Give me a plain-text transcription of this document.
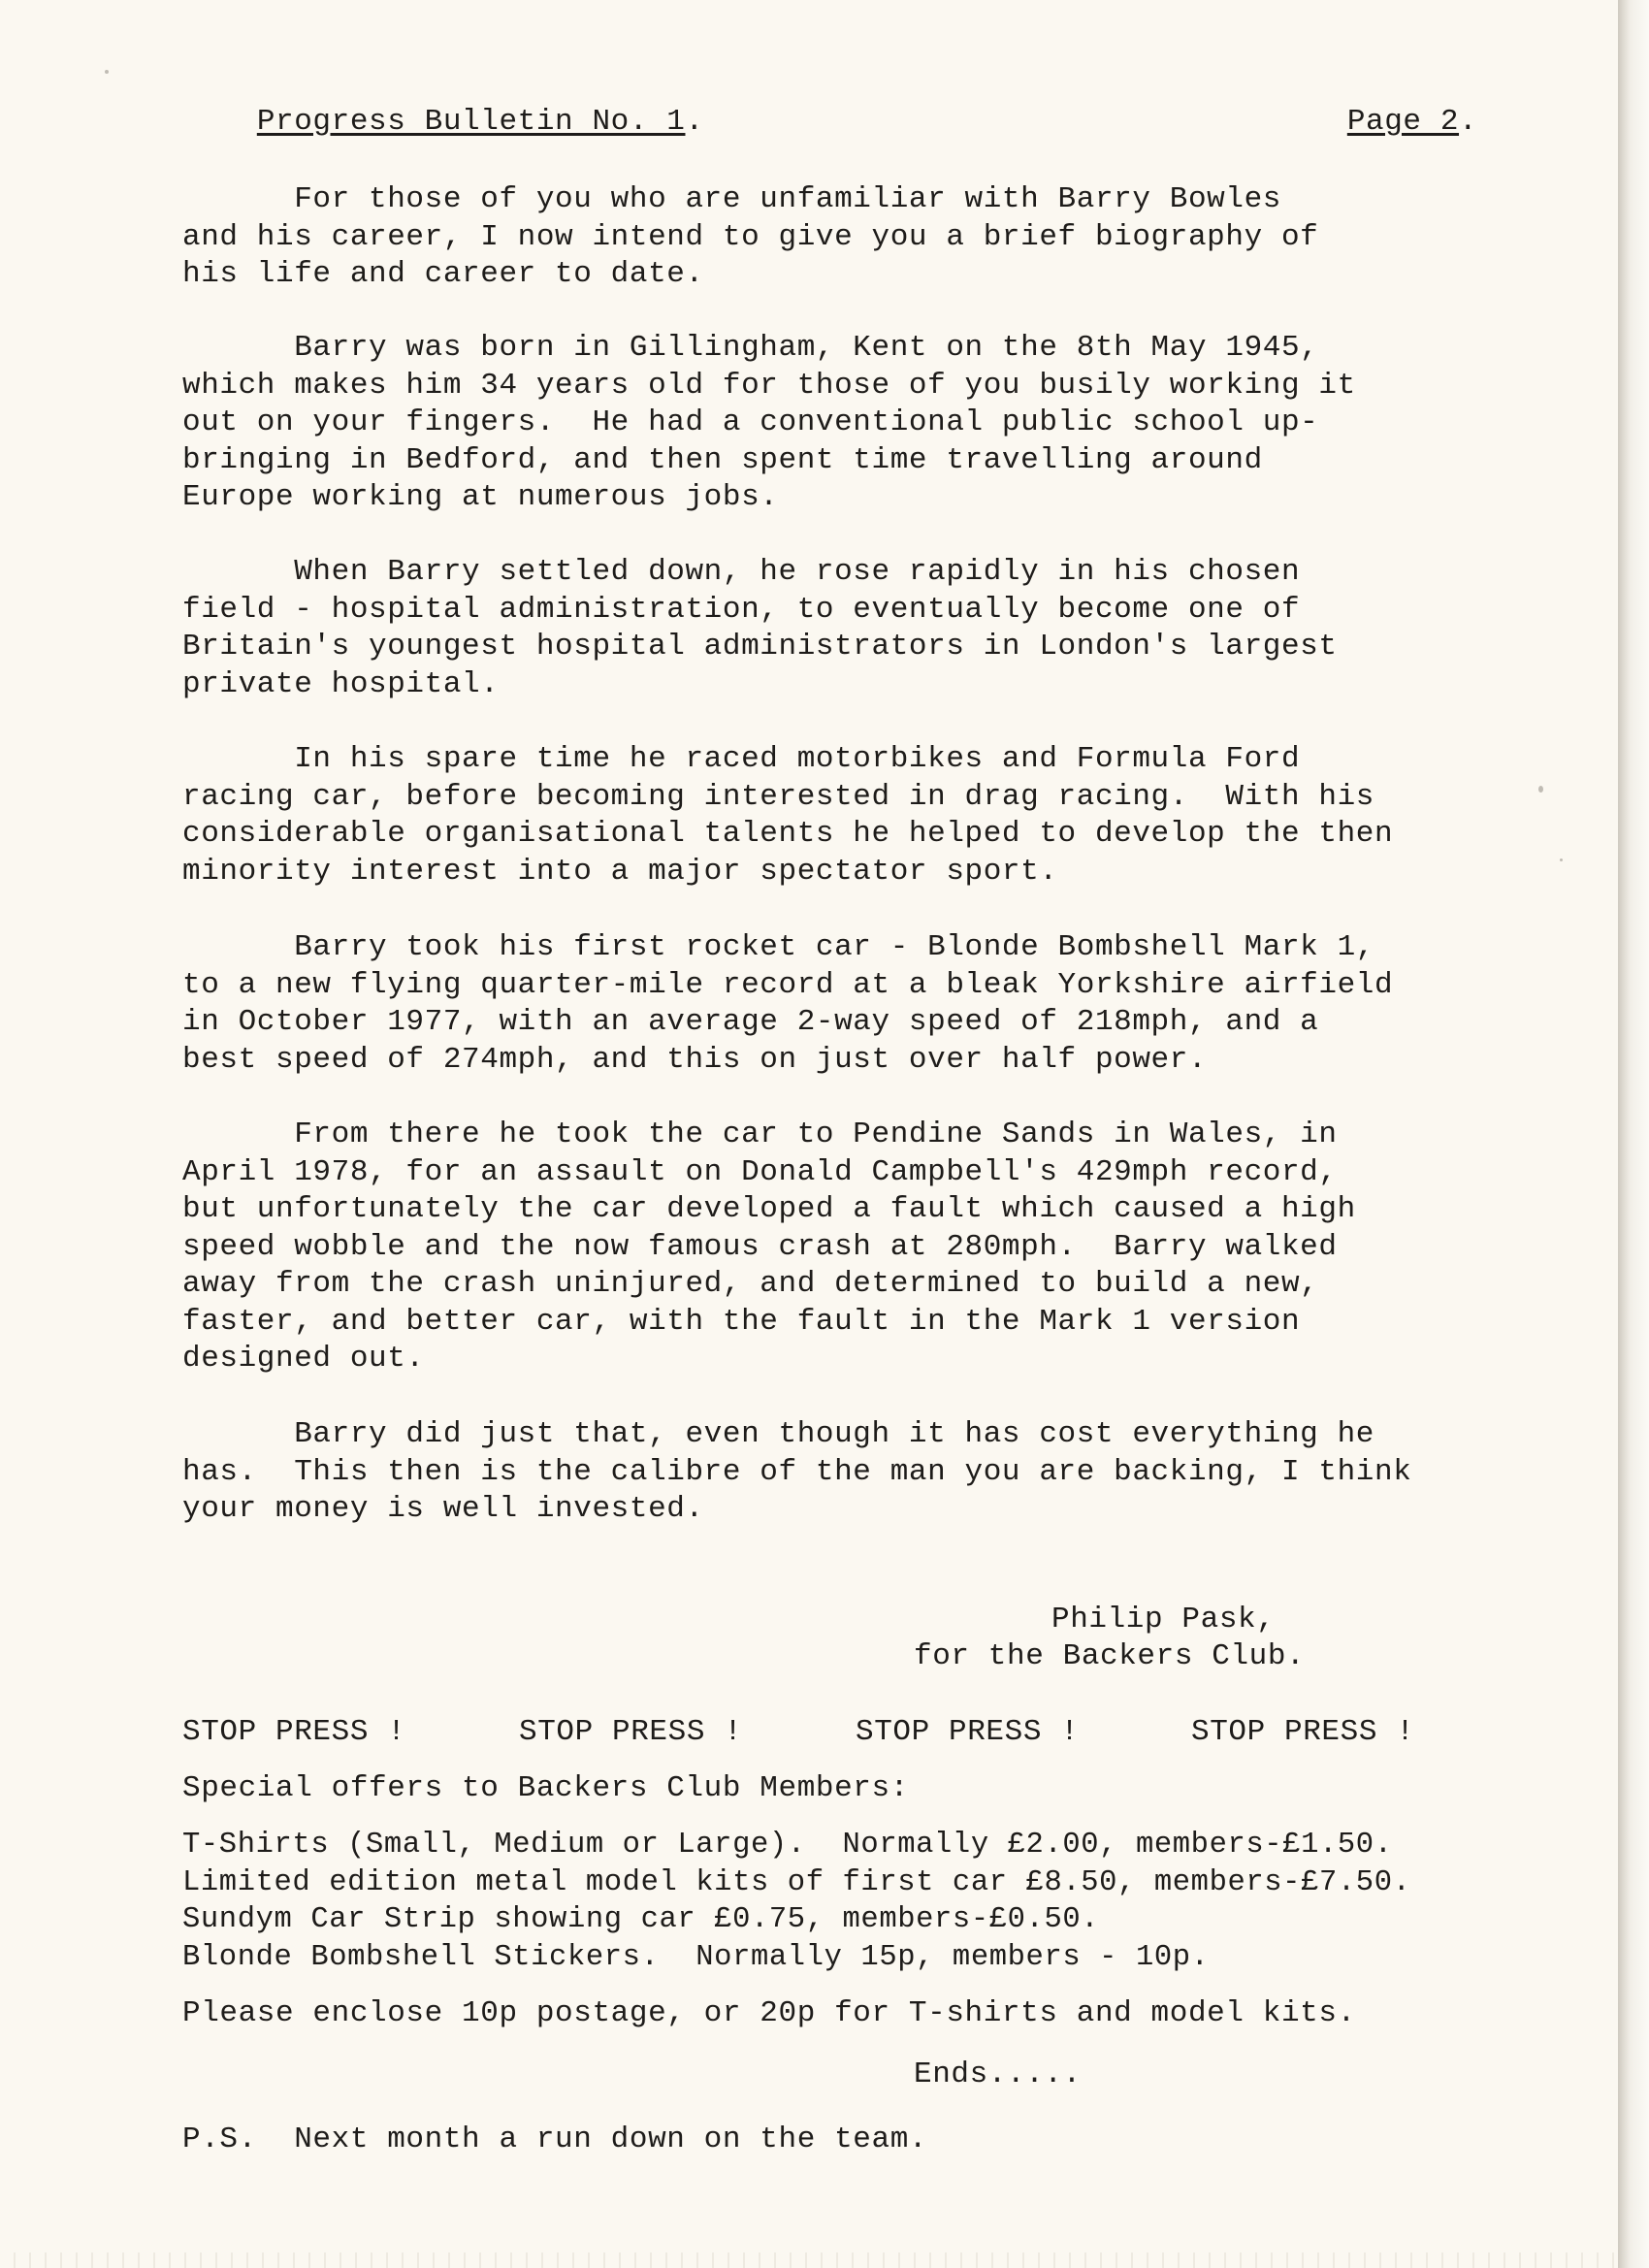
Progress Bulletin No. 1.
	Page 2.

For those of you who are unfamiliar with Barry Bowles
and his career, I now intend to give you a brief biography of
his life and career to date.
Barry was born in Gillingham, Kent on the 8th May 1945,
which makes him 34 years old for those of you busily working it
out on your fingers.  He had a conventional public school up-
bringing in Bedford, and then spent time travelling around
Europe working at numerous jobs.
When Barry settled down, he rose rapidly in his chosen
field - hospital administration, to eventually become one of
Britain's youngest hospital administrators in London's largest
private hospital.
In his spare time he raced motorbikes and Formula Ford
racing car, before becoming interested in drag racing.  With his
considerable organisational talents he helped to develop the then
minority interest into a major spectator sport.
Barry took his first rocket car - Blonde Bombshell Mark 1,
to a new flying quarter-mile record at a bleak Yorkshire airfield
in October 1977, with an average 2-way speed of 218mph, and a
best speed of 274mph, and this on just over half power.
From there he took the car to Pendine Sands in Wales, in
April 1978, for an assault on Donald Campbell's 429mph record,
but unfortunately the car developed a fault which caused a high
speed wobble and the now famous crash at 280mph.  Barry walked
away from the crash uninjured, and determined to build a new,
faster, and better car, with the fault in the Mark 1 version
designed out.
Barry did just that, even though it has cost everything he
has.  This then is the calibre of the man you are backing, I think
your money is well invested.
Philip Pask,
for the Backers Club.
STOP PRESS !	STOP PRESS !	STOP PRESS !	STOP PRESS !
Special offers to Backers Club Members:
T-Shirts (Small, Medium or Large).  Normally £2.00, members-£1.50.
Limited edition metal model kits of first car £8.50, members-£7.50.
Sundym Car Strip showing car £0.75, members-£0.50.
Blonde Bombshell Stickers.  Normally 15p, members - 10p.
Please enclose 10p postage, or 20p for T-shirts and model kits.
Ends.....
P.S.  Next month a run down on the team.
